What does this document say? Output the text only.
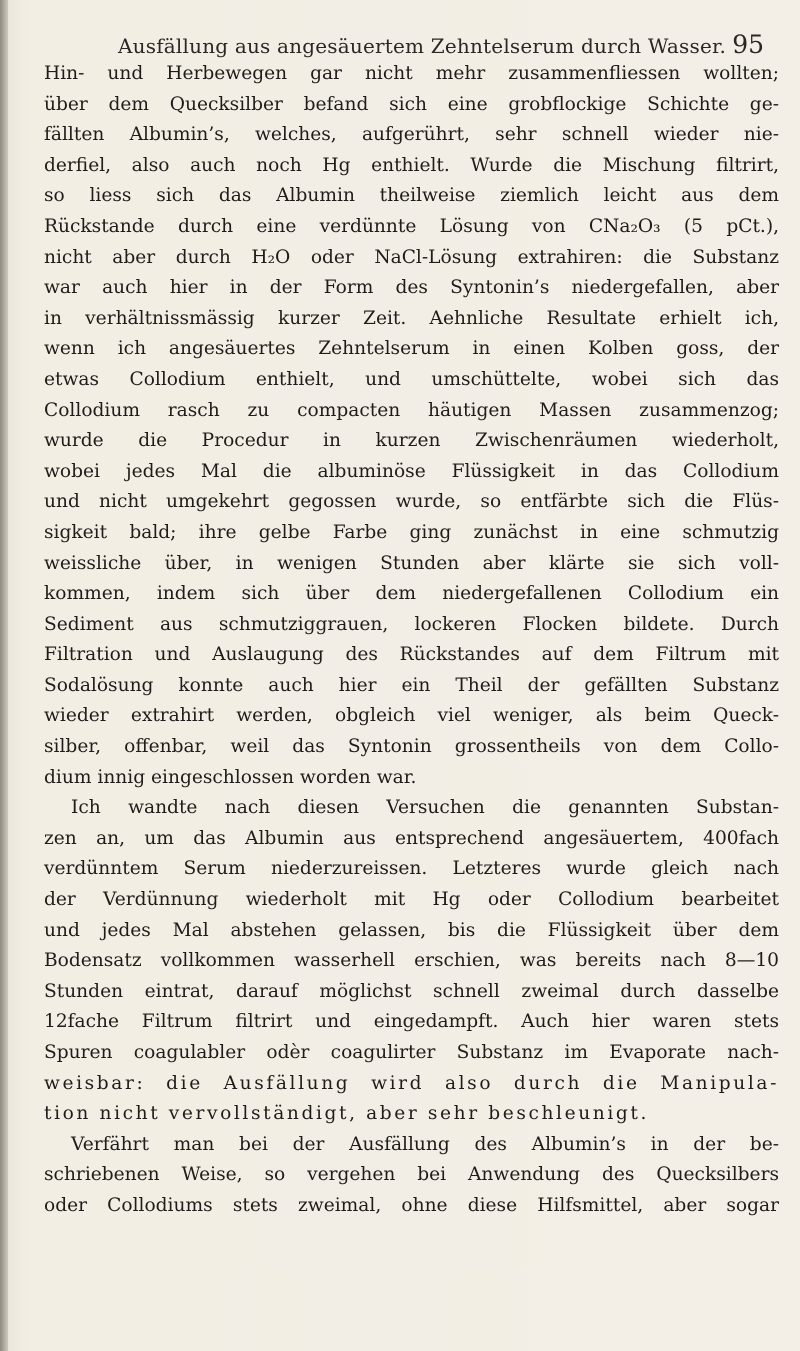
Ausfällung aus angesäuertem Zehntelserum durch Wasser. 95
Hin- und Herbewegen gar nicht mehr zusammenfliessen wollten;
über dem Quecksilber befand sich eine grobflockige Schichte ge-
fällten Albumin’s, welches, aufgerührt, sehr schnell wieder nie-
derfiel, also auch noch Hg enthielt. Wurde die Mischung filtrirt,
so liess sich das Albumin theilweise ziemlich leicht aus dem
Rückstande durch eine verdünnte Lösung von CNa₂O₃ (5 pCt.),
nicht aber durch H₂O oder NaCl-Lösung extrahiren: die Substanz
war auch hier in der Form des Syntonin’s niedergefallen, aber
in verhältnissmässig kurzer Zeit. Aehnliche Resultate erhielt ich,
wenn ich angesäuertes Zehntelserum in einen Kolben goss, der
etwas Collodium enthielt, und umschüttelte, wobei sich das
Collodium rasch zu compacten häutigen Massen zusammenzog;
wurde die Procedur in kurzen Zwischenräumen wiederholt,
wobei jedes Mal die albuminöse Flüssigkeit in das Collodium
und nicht umgekehrt gegossen wurde, so entfärbte sich die Flüs-
sigkeit bald; ihre gelbe Farbe ging zunächst in eine schmutzig
weissliche über, in wenigen Stunden aber klärte sie sich voll-
kommen, indem sich über dem niedergefallenen Collodium ein
Sediment aus schmutziggrauen, lockeren Flocken bildete. Durch
Filtration und Auslaugung des Rückstandes auf dem Filtrum mit
Sodalösung konnte auch hier ein Theil der gefällten Substanz
wieder extrahirt werden, obgleich viel weniger, als beim Queck-
silber, offenbar, weil das Syntonin grossentheils von dem Collo-
dium innig eingeschlossen worden war.
Ich wandte nach diesen Versuchen die genannten Substan-
zen an, um das Albumin aus entsprechend angesäuertem, 400fach
verdünntem Serum niederzureissen. Letzteres wurde gleich nach
der Verdünnung wiederholt mit Hg oder Collodium bearbeitet
und jedes Mal abstehen gelassen, bis die Flüssigkeit über dem
Bodensatz vollkommen wasserhell erschien, was bereits nach 8—10
Stunden eintrat, darauf möglichst schnell zweimal durch dasselbe
12fache Filtrum filtrirt und eingedampft. Auch hier waren stets
Spuren coagulabler odèr coagulirter Substanz im Evaporate nach-
weisbar: die Ausfällung wird also durch die Manipula-
tion nicht vervollständigt, aber sehr beschleunigt.
Verfährt man bei der Ausfällung des Albumin’s in der be-
schriebenen Weise, so vergehen bei Anwendung des Quecksilbers
oder Collodiums stets zweimal, ohne diese Hilfsmittel, aber sogar
